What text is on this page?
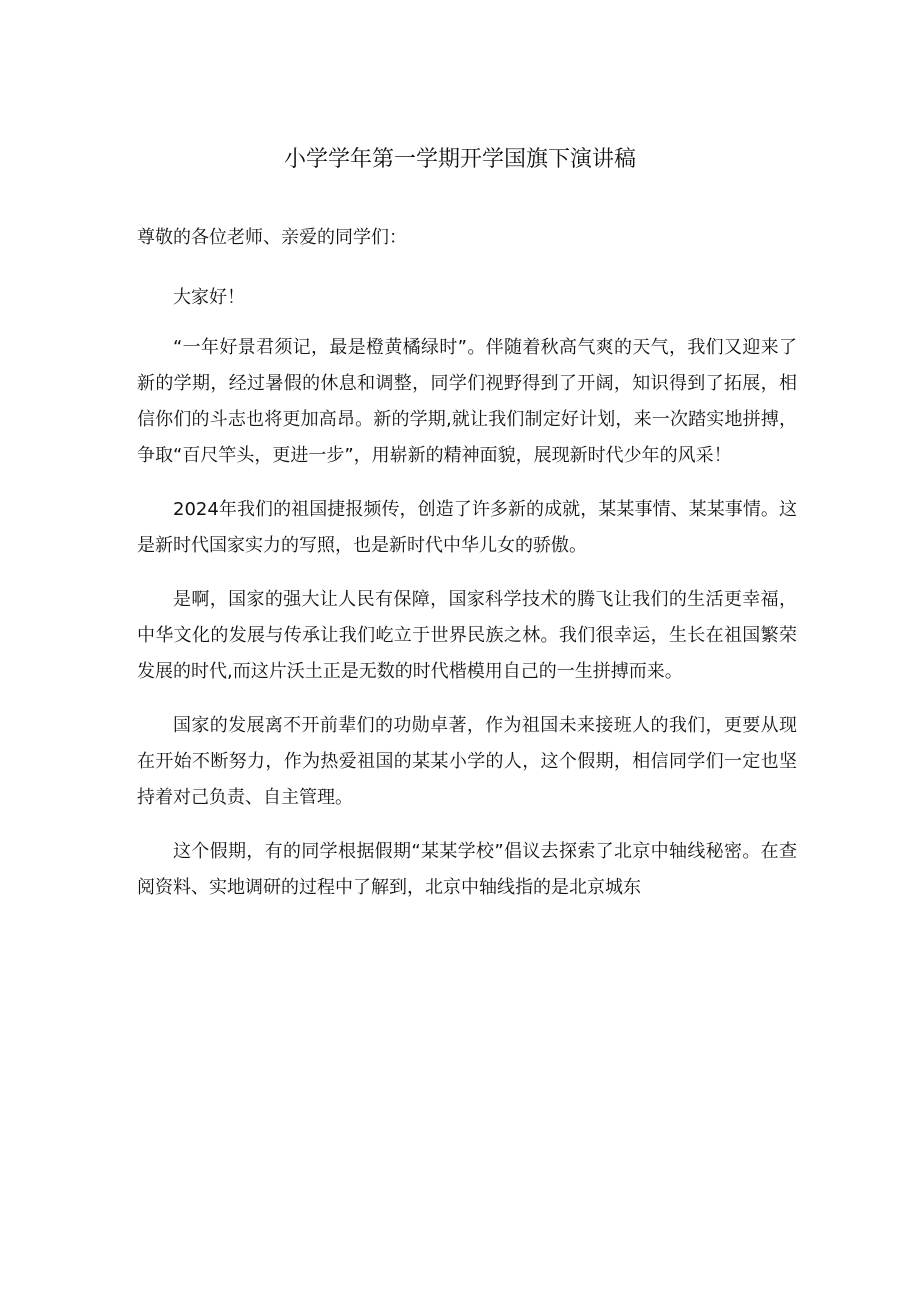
小学学年第一学期开学国旗下演讲稿

尊敬的各位老师、亲爱的同学们：

大家好！

“一年好景君须记，最是橙黄橘绿时”。伴随着秋高气爽的天气，我们又迎来了新的学期，经过暑假的休息和调整，同学们视野得到了开阔，知识得到了拓展，相信你们的斗志也将更加高昂。新的学期,就让我们制定好计划，来一次踏实地拼搏，争取“百尺竿头，更进一步”，用崭新的精神面貌，展现新时代少年的风采！

2024年我们的祖国捷报频传，创造了许多新的成就，某某事情、某某事情。这是新时代国家实力的写照，也是新时代中华儿女的骄傲。

是啊，国家的强大让人民有保障，国家科学技术的腾飞让我们的生活更幸福，中华文化的发展与传承让我们屹立于世界民族之林。我们很幸运，生长在祖国繁荣发展的时代,而这片沃土正是无数的时代楷模用自己的一生拼搏而来。

国家的发展离不开前辈们的功勋卓著，作为祖国未来接班人的我们，更要从现在开始不断努力，作为热爱祖国的某某小学的人，这个假期，相信同学们一定也坚持着对己负责、自主管理。

这个假期，有的同学根据假期“某某学校”倡议去探索了北京中轴线秘密。在查阅资料、实地调研的过程中了解到，北京中轴线指的是北京城东
